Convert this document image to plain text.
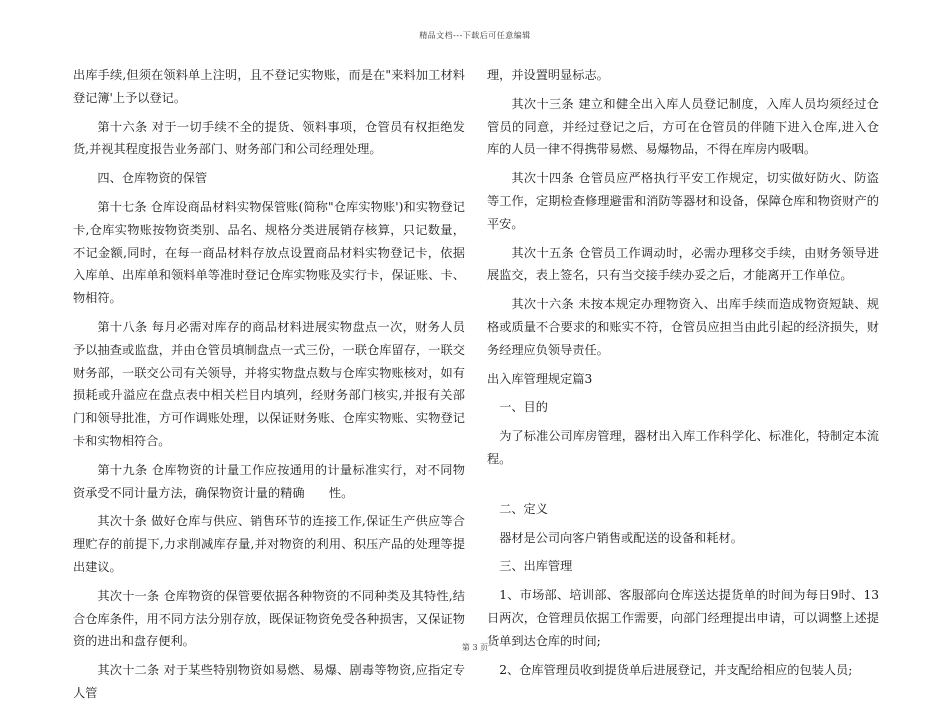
精品文档---下载后可任意编辑

出库手续,但须在领料单上注明，且不登记实物账，而是在"来料加工材料登记簿'上予以登记。

第十六条 对于一切手续不全的提货、领料事项，仓管员有权拒绝发货,并视其程度报告业务部门、财务部门和公司经理处理。

四、仓库物资的保管

第十七条 仓库设商品材料实物保管账(简称"仓库实物账')和实物登记卡,仓库实物账按物资类别、品名、规格分类进展销存核算，只记数量，不记金额,同时，在每一商品材料存放点设置商品材料实物登记卡，依据入库单、出库单和领料单等准时登记仓库实物账及实行卡，保证账、卡、物相符。

第十八条 每月必需对库存的商品材料进展实物盘点一次，财务人员予以抽查或监盘，并由仓管员填制盘点一式三份，一联仓库留存，一联交财务部，一联交公司有关领导，并将实物盘点数与仓库实物账核对，如有损耗或升溢应在盘点表中相关栏目内填列，经财务部门核实,并报有关部门和领导批准，方可作调账处理，以保证财务账、仓库实物账、实物登记卡和实物相符合。

第十九条 仓库物资的计量工作应按通用的计量标准实行，对不同物资承受不同计量方法，确保物资计量的精确　　性。

其次十条 做好仓库与供应、销售环节的连接工作,保证生产供应等合理贮存的前提下,力求削减库存量,并对物资的利用、积压产品的处理等提出建议。

其次十一条 仓库物资的保管要依据各种物资的不同种类及其特性,结合仓库条件，用不同方法分别存放，既保证物资免受各种损害，又保证物资的进出和盘存便利。

其次十二条 对于某些特别物资如易燃、易爆、剧毒等物资,应指定专人管

理，并设置明显标志。

其次十三条 建立和健全出入库人员登记制度，入库人员均须经过仓管员的同意，并经过登记之后，方可在仓管员的伴随下进入仓库,进入仓库的人员一律不得携带易燃、易爆物品，不得在库房内吸咽。

其次十四条 仓管员应严格执行平安工作规定，切实做好防火、防盗等工作，定期检查修理避雷和消防等器材和设备，保障仓库和物资财产的平安。

其次十五条 仓管员工作调动时，必需办理移交手续，由财务领导进展监交，表上签名，只有当交接手续办妥之后，才能离开工作单位。

其次十六条 未按本规定办理物资入、出库手续而造成物资短缺、规格或质量不合要求的和账实不符，仓管员应担当由此引起的经济损失，财务经理应负领导责任。

出入库管理规定篇3

一、目的

为了标准公司库房管理，器材出入库工作科学化、标准化，特制定本流程。

二、定义

器材是公司向客户销售或配送的设备和耗材。

三、出库管理

1、市场部、培训部、客服部向仓库送达提货单的时间为每日9时、13日两次，仓管理员依据工作需要，向部门经理提出申请，可以调整上述提货单到达仓库的时间;

2、仓库管理员收到提货单后进展登记，并支配给相应的包装人员;

第 3 页
